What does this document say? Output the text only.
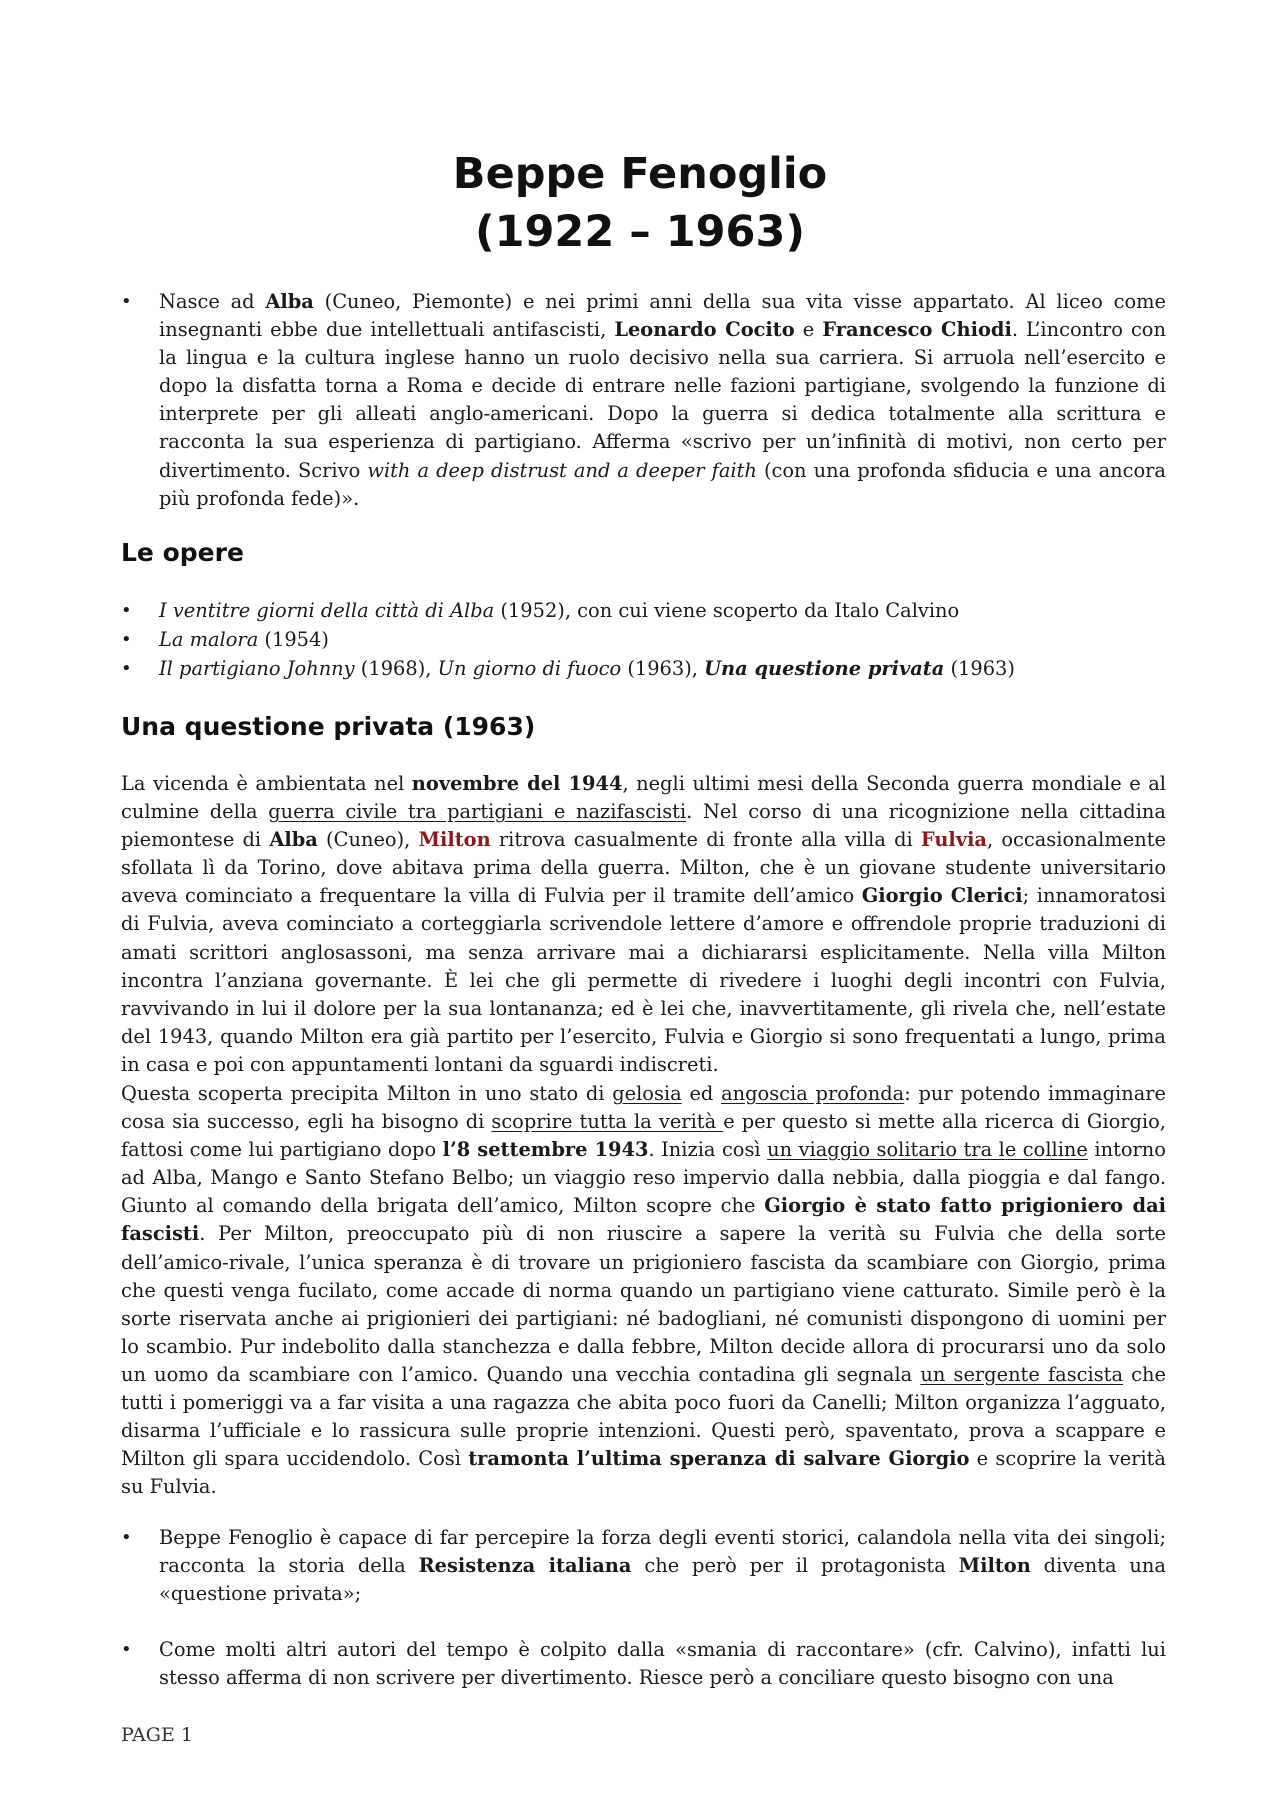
Beppe Fenoglio
(1922 – 1963)
•	Nasce ad Alba (Cuneo, Piemonte) e nei primi anni della sua vita visse appartato. Al liceo come insegnanti ebbe due intellettuali antifascisti, Leonardo Cocito e Francesco Chiodi. L’incontro con la lingua e la cultura inglese hanno un ruolo decisivo nella sua carriera. Si arruola nell’esercito e dopo la disfatta torna a Roma e decide di entrare nelle fazioni partigiane, svolgendo la funzione di interprete per gli alleati anglo-americani. Dopo la guerra si dedica totalmente alla scrittura e racconta la sua esperienza di partigiano. Afferma «scrivo per un’infinità di motivi, non certo per divertimento. Scrivo with a deep distrust and a deeper faith (con una profonda sfiducia e una ancora più profonda fede)».
Le opere
•	I ventitre giorni della città di Alba (1952), con cui viene scoperto da Italo Calvino
•	La malora (1954)
•	Il partigiano Johnny (1968), Un giorno di fuoco (1963), Una questione privata (1963)
Una questione privata (1963)

La vicenda è ambientata nel novembre del 1944, negli ultimi mesi della Seconda guerra mondiale e al culmine della guerra civile tra partigiani e nazifascisti. Nel corso di una ricognizione nella cittadina piemontese di Alba (Cuneo), Milton ritrova casualmente di fronte alla villa di Fulvia, occasionalmente sfollata lì da Torino, dove abitava prima della guerra. Milton, che è un giovane studente universitario aveva cominciato a frequentare la villa di Fulvia per il tramite dell’amico Giorgio Clerici; innamoratosi di Fulvia, aveva cominciato a corteggiarla scrivendole lettere d’amore e offrendole proprie traduzioni di amati scrittori anglosassoni, ma senza arrivare mai a dichiararsi esplicitamente. Nella villa Milton incontra l’anziana governante. È lei che gli permette di rivedere i luoghi degli incontri con Fulvia, ravvivando in lui il dolore per la sua lontananza; ed è lei che, inavvertitamente, gli rivela che, nell’estate del 1943, quando Milton era già partito per l’esercito, Fulvia e Giorgio si sono frequentati a lungo, prima in casa e poi con appuntamenti lontani da sguardi indiscreti.

Questa scoperta precipita Milton in uno stato di gelosia ed angoscia profonda: pur potendo immaginare cosa sia successo, egli ha bisogno di scoprire tutta la verità e per questo si mette alla ricerca di Giorgio, fattosi come lui partigiano dopo l’8 settembre 1943. Inizia così un viaggio solitario tra le colline intorno ad Alba, Mango e Santo Stefano Belbo; un viaggio reso impervio dalla nebbia, dalla pioggia e dal fango. Giunto al comando della brigata dell’amico, Milton scopre che Giorgio è stato fatto prigioniero dai fascisti. Per Milton, preoccupato più di non riuscire a sapere la verità su Fulvia che della sorte dell’amico-rivale, l’unica speranza è di trovare un prigioniero fascista da scambiare con Giorgio, prima che questi venga fucilato, come accade di norma quando un partigiano viene catturato. Simile però è la sorte riservata anche ai prigionieri dei partigiani: né badogliani, né comunisti dispongono di uomini per lo scambio. Pur indebolito dalla stanchezza e dalla febbre, Milton decide allora di procurarsi uno da solo un uomo da scambiare con l’amico. Quando una vecchia contadina gli segnala un sergente fascista che tutti i pomeriggi va a far visita a una ragazza che abita poco fuori da Canelli; Milton organizza l’agguato, disarma l’ufficiale e lo rassicura sulle proprie intenzioni. Questi però, spaventato, prova a scappare e Milton gli spara uccidendolo. Così tramonta l’ultima speranza di salvare Giorgio e scoprire la verità su Fulvia.

•	Beppe Fenoglio è capace di far percepire la forza degli eventi storici, calandola nella vita dei singoli; racconta la storia della Resistenza italiana che però per il protagonista Milton diventa una «questione privata»;
•	Come molti altri autori del tempo è colpito dalla «smania di raccontare» (cfr. Calvino), infatti lui stesso afferma di non scrivere per divertimento. Riesce però a conciliare questo bisogno con una
PAGE 1
